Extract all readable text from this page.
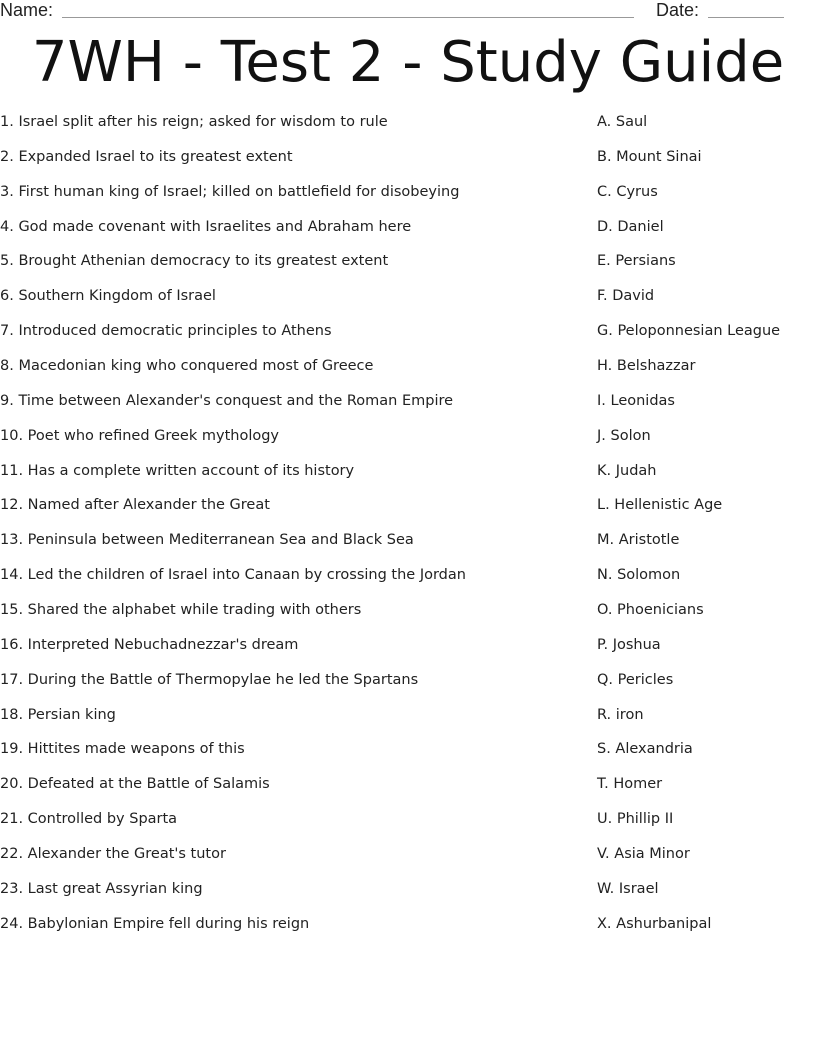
Name:	Date:
7WH - Test 2 - Study Guide
1. Israel split after his reign; asked for wisdom to rule
2. Expanded Israel to its greatest extent
3. First human king of Israel; killed on battlefield for disobeying
4. God made covenant with Israelites and Abraham here
5. Brought Athenian democracy to its greatest extent
6. Southern Kingdom of Israel
7. Introduced democratic principles to Athens
8. Macedonian king who conquered most of Greece
9. Time between Alexander's conquest and the Roman Empire
10. Poet who refined Greek mythology
11. Has a complete written account of its history
12. Named after Alexander the Great
13. Peninsula between Mediterranean Sea and Black Sea
14. Led the children of Israel into Canaan by crossing the Jordan
15. Shared the alphabet while trading with others
16. Interpreted Nebuchadnezzar's dream
17. During the Battle of Thermopylae he led the Spartans
18. Persian king
19. Hittites made weapons of this
20. Defeated at the Battle of Salamis
21. Controlled by Sparta
22. Alexander the Great's tutor
23. Last great Assyrian king
24. Babylonian Empire fell during his reign
A. Saul
B. Mount Sinai
C. Cyrus
D. Daniel
E. Persians
F. David
G. Peloponnesian League
H. Belshazzar
I. Leonidas
J. Solon
K. Judah
L. Hellenistic Age
M. Aristotle
N. Solomon
O. Phoenicians
P. Joshua
Q. Pericles
R. iron
S. Alexandria
T. Homer
U. Phillip II
V. Asia Minor
W. Israel
X. Ashurbanipal
